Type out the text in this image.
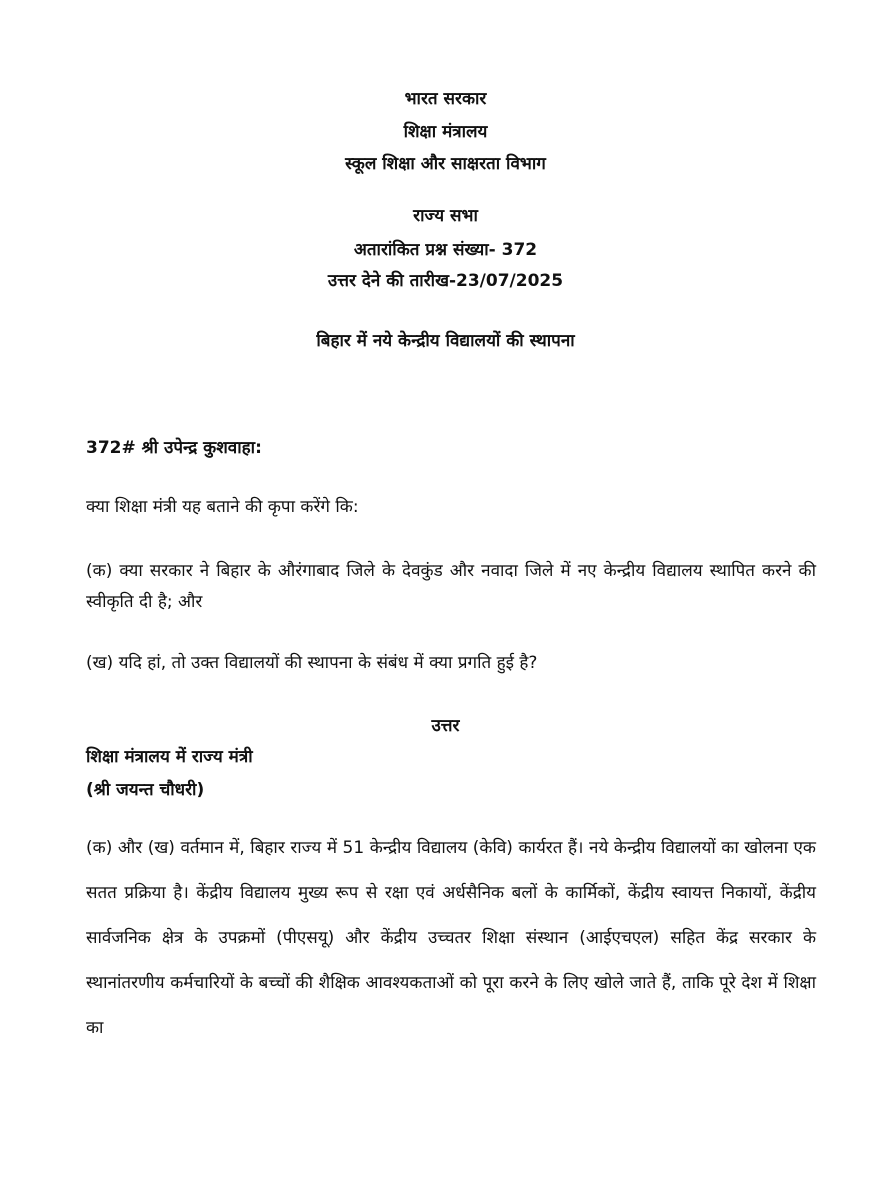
भारत सरकार
शिक्षा मंत्रालय
स्कूल शिक्षा और साक्षरता विभाग
राज्य सभा
अतारांकित प्रश्न संख्या- 372
उत्तर देने की तारीख-23/07/2025
बिहार में नये केन्द्रीय विद्यालयों की स्थापना
372# श्री उपेन्द्र कुशवाहा:
क्या शिक्षा मंत्री यह बताने की कृपा करेंगे कि:
(क) क्या सरकार ने बिहार के औरंगाबाद जिले के देवकुंड और नवादा जिले में नए केन्द्रीय विद्यालय स्थापित करने की स्वीकृति दी है; और
(ख) यदि हां, तो उक्त विद्यालयों की स्थापना के संबंध में क्या प्रगति हुई है?
उत्तर
शिक्षा मंत्रालय में राज्य मंत्री
(श्री जयन्त चौधरी)
(क) और (ख) वर्तमान में, बिहार राज्य में 51 केन्द्रीय विद्यालय (केवि) कार्यरत हैं। नये केन्द्रीय विद्यालयों का खोलना एक सतत प्रक्रिया है। केंद्रीय विद्यालय मुख्य रूप से रक्षा एवं अर्धसैनिक बलों के कार्मिकों, केंद्रीय स्वायत्त निकायों, केंद्रीय सार्वजनिक क्षेत्र के उपक्रमों (पीएसयू) और केंद्रीय उच्चतर शिक्षा संस्थान (आईएचएल) सहित केंद्र सरकार के स्थानांतरणीय कर्मचारियों के बच्चों की शैक्षिक आवश्यकताओं को पूरा करने के लिए खोले जाते हैं, ताकि पूरे देश में शिक्षा का
